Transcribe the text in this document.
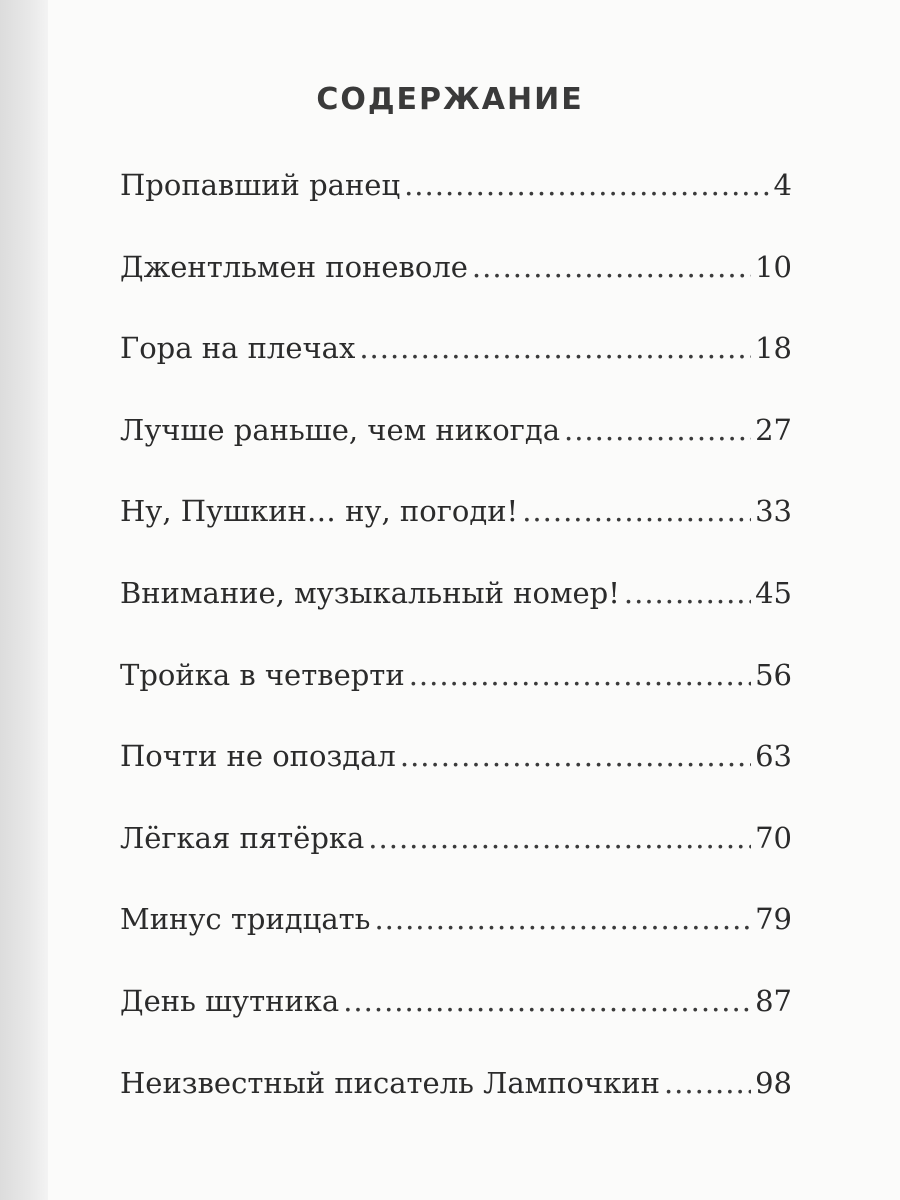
СОДЕРЖАНИЕ
Пропавший ранец .....	4
Джентльмен поневоле .....	10
Гора на плечах .....	18
Лучше раньше, чем никогда .....	27
Ну, Пушкин… ну, погоди! .....	33
Внимание, музыкальный номер! .....	45
Тройка в четверти .....	56
Почти не опоздал .....	63
Лёгкая пятёрка .....	70
Минус тридцать .....	79
День шутника .....	87
Неизвестный писатель Лампочкин .....	98
